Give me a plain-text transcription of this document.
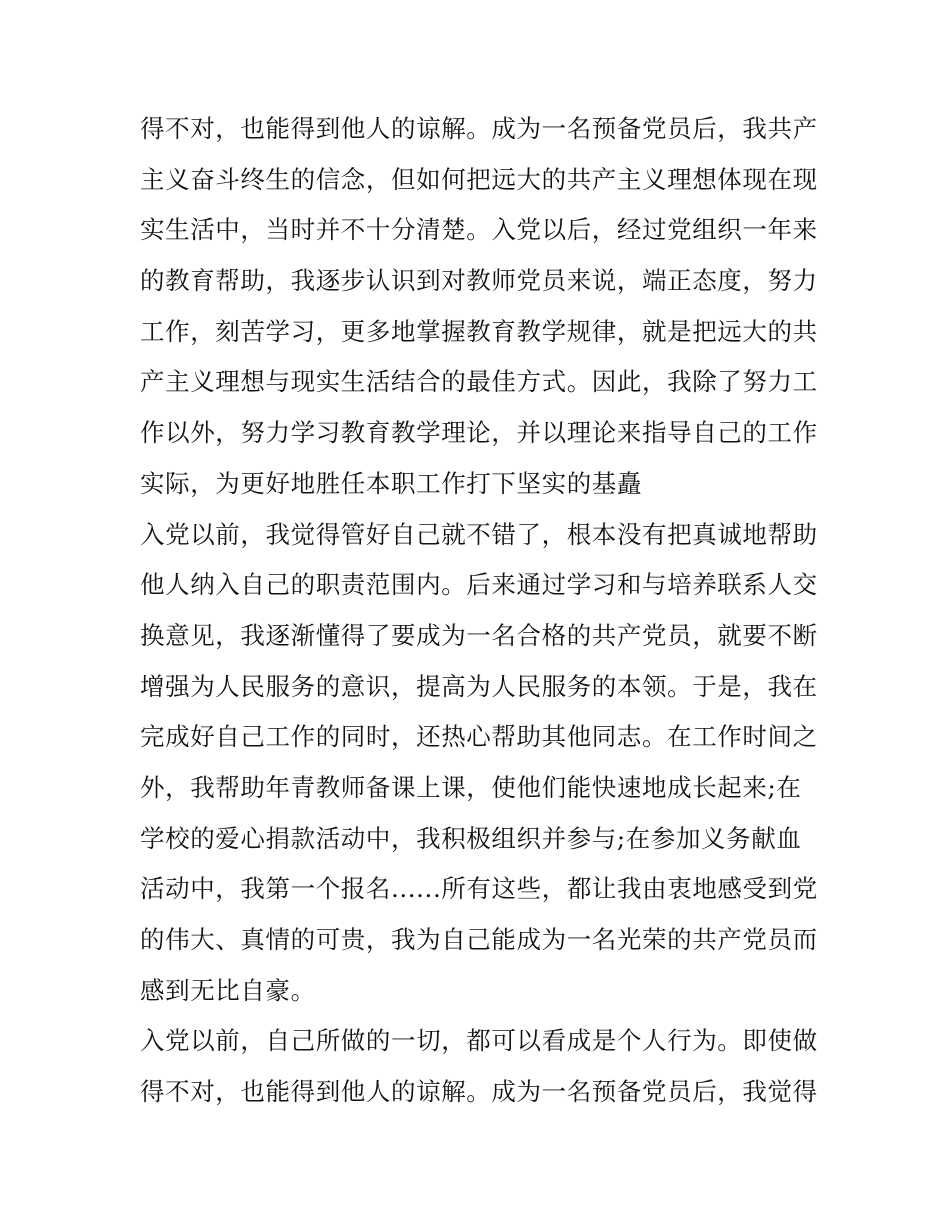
得不对，也能得到他人的谅解。成为一名预备党员后，我共产
主义奋斗终生的信念，但如何把远大的共产主义理想体现在现
实生活中，当时并不十分清楚。入党以后，经过党组织一年来
的教育帮助，我逐步认识到对教师党员来说，端正态度，努力
工作，刻苦学习，更多地掌握教育教学规律，就是把远大的共
产主义理想与现实生活结合的最佳方式。因此，我除了努力工
作以外，努力学习教育教学理论，并以理论来指导自己的工作
实际，为更好地胜任本职工作打下坚实的基矗
入党以前，我觉得管好自己就不错了，根本没有把真诚地帮助
他人纳入自己的职责范围内。后来通过学习和与培养联系人交
换意见，我逐渐懂得了要成为一名合格的共产党员，就要不断
增强为人民服务的意识，提高为人民服务的本领。于是，我在
完成好自己工作的同时，还热心帮助其他同志。在工作时间之
外，我帮助年青教师备课上课，使他们能快速地成长起来;在
学校的爱心捐款活动中，我积极组织并参与;在参加义务献血
活动中，我第一个报名......所有这些，都让我由衷地感受到党
的伟大、真情的可贵，我为自己能成为一名光荣的共产党员而
感到无比自豪。
入党以前，自己所做的一切，都可以看成是个人行为。即使做
得不对，也能得到他人的谅解。成为一名预备党员后，我觉得
